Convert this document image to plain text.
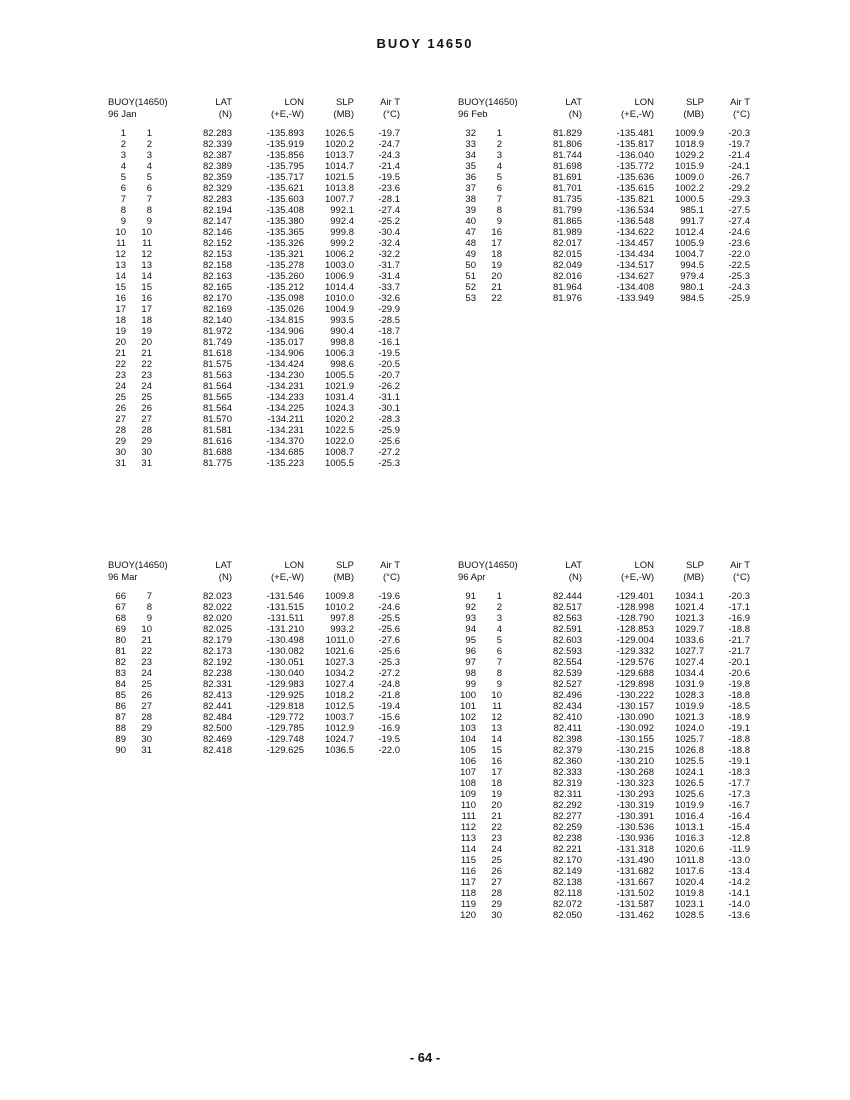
BUOY 14650
BUOY(14650)		LAT	LON	SLP	Air T
96 Jan		(N)	(+E,-W)	(MB)	(°C)

1	1	82.283	-135.893	1026.5	-19.7
2	2	82.339	-135.919	1020.2	-24.7
3	3	82.387	-135.856	1013.7	-24.3
4	4	82.389	-135.795	1014.7	-21.4
5	5	82.359	-135.717	1021.5	-19.5
6	6	82.329	-135.621	1013.8	-23.6
7	7	82.283	-135.603	1007.7	-28.1
8	8	82.194	-135.408	992.1	-27.4
9	9	82.147	-135.380	992.4	-25.2
10	10	82.146	-135.365	999.8	-30.4
11	11	82.152	-135.326	999.2	-32.4
12	12	82.153	-135.321	1006.2	-32.2
13	13	82.158	-135.278	1003.0	-31.7
14	14	82.163	-135.260	1006.9	-31.4
15	15	82.165	-135.212	1014.4	-33.7
16	16	82.170	-135.098	1010.0	-32.6
17	17	82.169	-135.026	1004.9	-29.9
18	18	82.140	-134.815	993.5	-28.5
19	19	81.972	-134.906	990.4	-18.7
20	20	81.749	-135.017	998.8	-16.1
21	21	81.618	-134.906	1006.3	-19.5
22	22	81.575	-134.424	998.6	-20.5
23	23	81.563	-134.230	1005.5	-20.7
24	24	81.564	-134.231	1021.9	-26.2
25	25	81.565	-134.233	1031.4	-31.1
26	26	81.564	-134.225	1024.3	-30.1
27	27	81.570	-134.211	1020.2	-28.3
28	28	81.581	-134.231	1022.5	-25.9
29	29	81.616	-134.370	1022.0	-25.6
30	30	81.688	-134.685	1008.7	-27.2
31	31	81.775	-135.223	1005.5	-25.3
BUOY(14650)		LAT	LON	SLP	Air T
96 Feb		(N)	(+E,-W)	(MB)	(°C)

32	1	81.829	-135.481	1009.9	-20.3
33	2	81.806	-135.817	1018.9	-19.7
34	3	81.744	-136.040	1029.2	-21.4
35	4	81.698	-135.772	1015.9	-24.1
36	5	81.691	-135.636	1009.0	-26.7
37	6	81.701	-135.615	1002.2	-29.2
38	7	81.735	-135.821	1000.5	-29.3
39	8	81.799	-136.534	985.1	-27.5
40	9	81.865	-136.548	991.7	-27.4
47	16	81.989	-134.622	1012.4	-24.6
48	17	82.017	-134.457	1005.9	-23.6
49	18	82.015	-134.434	1004.7	-22.0
50	19	82.049	-134.517	994.5	-22.5
51	20	82.016	-134.627	979.4	-25.3
52	21	81.964	-134.408	980.1	-24.3
53	22	81.976	-133.949	984.5	-25.9
BUOY(14650)		LAT	LON	SLP	Air T
96 Mar		(N)	(+E,-W)	(MB)	(°C)

66	7	82.023	-131.546	1009.8	-19.6
67	8	82.022	-131.515	1010.2	-24.6
68	9	82.020	-131.511	997.8	-25.5
69	10	82.025	-131.210	993.2	-25.6
80	21	82.179	-130.498	1011.0	-27.6
81	22	82.173	-130.082	1021.6	-25.6
82	23	82.192	-130.051	1027.3	-25.3
83	24	82.238	-130.040	1034.2	-27.2
84	25	82.331	-129.983	1027.4	-24.8
85	26	82.413	-129.925	1018.2	-21.8
86	27	82.441	-129.818	1012.5	-19.4
87	28	82.484	-129.772	1003.7	-15.6
88	29	82.500	-129.785	1012.9	-16.9
89	30	82.469	-129.748	1024.7	-19.5
90	31	82.418	-129.625	1036.5	-22.0
BUOY(14650)		LAT	LON	SLP	Air T
96 Apr		(N)	(+E,-W)	(MB)	(°C)

91	1	82.444	-129.401	1034.1	-20.3
92	2	82.517	-128.998	1021.4	-17.1
93	3	82.563	-128.790	1021.3	-16.9
94	4	82.591	-128.853	1029.7	-18.8
95	5	82.603	-129.004	1033.6	-21.7
96	6	82.593	-129.332	1027.7	-21.7
97	7	82.554	-129.576	1027.4	-20.1
98	8	82.539	-129.688	1034.4	-20.6
99	9	82.527	-129.898	1031.9	-19.8
100	10	82.496	-130.222	1028.3	-18.8
101	11	82.434	-130.157	1019.9	-18.5
102	12	82.410	-130.090	1021.3	-18.9
103	13	82.411	-130.092	1024.0	-19.1
104	14	82.398	-130.155	1025.7	-18.8
105	15	82.379	-130.215	1026.8	-18.8
106	16	82.360	-130.210	1025.5	-19.1
107	17	82.333	-130.268	1024.1	-18.3
108	18	82.319	-130.323	1026.5	-17.7
109	19	82.311	-130.293	1025.6	-17.3
110	20	82.292	-130.319	1019.9	-16.7
111	21	82.277	-130.391	1016.4	-16.4
112	22	82.259	-130.536	1013.1	-15.4
113	23	82.238	-130.936	1016.3	-12.8
114	24	82.221	-131.318	1020.6	-11.9
115	25	82.170	-131.490	1011.8	-13.0
116	26	82.149	-131.682	1017.6	-13.4
117	27	82.138	-131.667	1020.4	-14.2
118	28	82.118	-131.502	1019.8	-14.1
119	29	82.072	-131.587	1023.1	-14.0
120	30	82.050	-131.462	1028.5	-13.6
- 64 -
